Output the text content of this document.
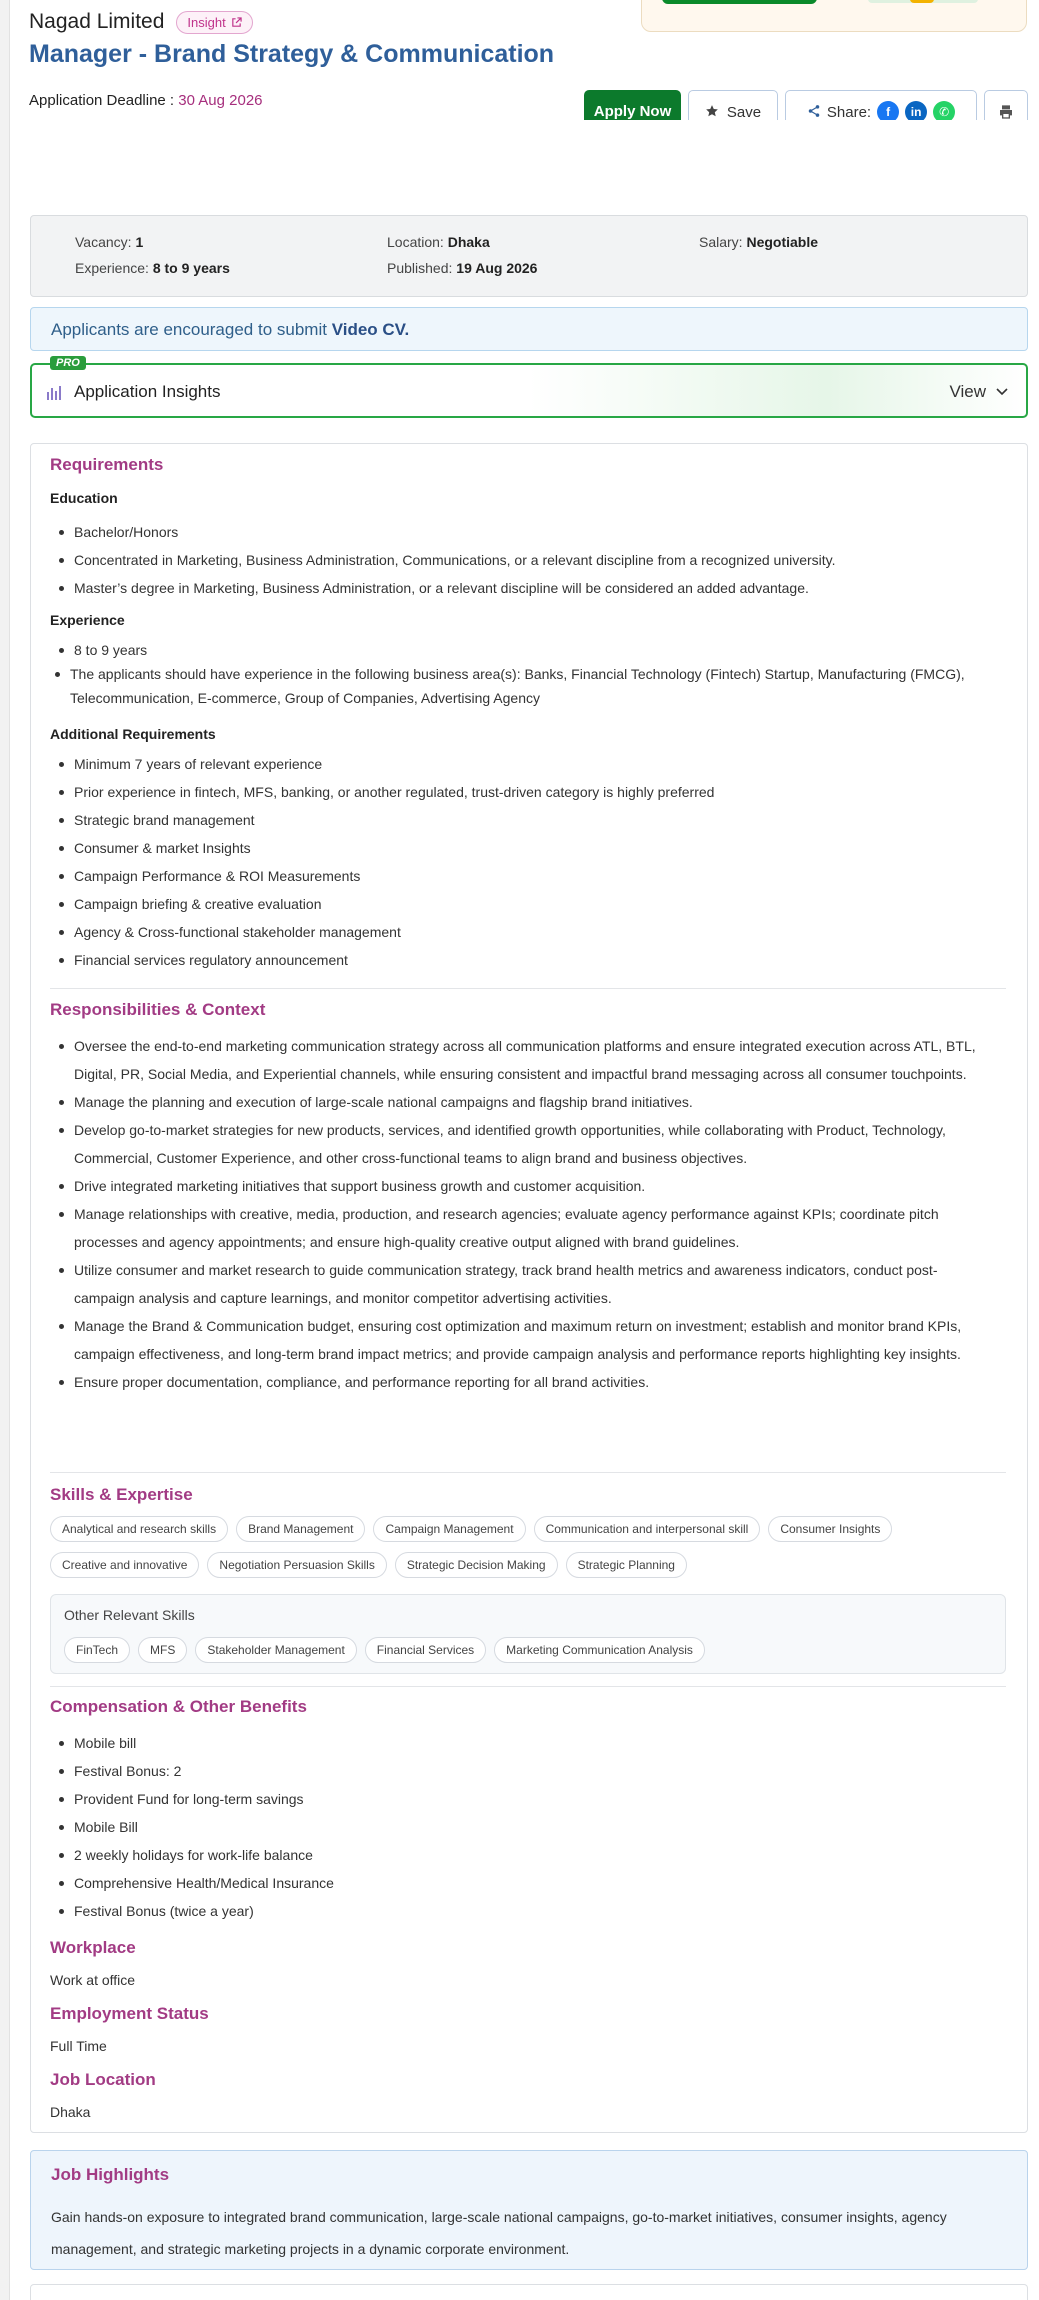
Nagad Limited Insight
Manager - Brand Strategy & Communication
Application Deadline : 30 Aug 2026
Apply Now	Save	Share:	f	in	✆
Vacancy: 1
Experience: 8 to 9 years
Location: Dhaka
Published: 19 Aug 2026
Salary: Negotiable
Applicants are encouraged to submit Video CV.
PRO
Application Insights	View
Requirements
Education
Bachelor/Honors
Concentrated in Marketing, Business Administration, Communications, or a relevant discipline from a recognized university.
Master’s degree in Marketing, Business Administration, or a relevant discipline will be considered an added advantage.
Experience
8 to 9 years
The applicants should have experience in the following business area(s): Banks, Financial Technology (Fintech) Startup, Manufacturing (FMCG), Telecommunication, E-commerce, Group of Companies, Advertising Agency
Additional Requirements
Minimum 7 years of relevant experience
Prior experience in fintech, MFS, banking, or another regulated, trust-driven category is highly preferred
Strategic brand management
Consumer & market Insights
Campaign Performance & ROI Measurements
Campaign briefing & creative evaluation
Agency & Cross-functional stakeholder management
Financial services regulatory announcement
Responsibilities & Context
Oversee the end-to-end marketing communication strategy across all communication platforms and ensure integrated execution across ATL, BTL, Digital, PR, Social Media, and Experiential channels, while ensuring consistent and impactful brand messaging across all consumer touchpoints.
Manage the planning and execution of large-scale national campaigns and flagship brand initiatives.
Develop go-to-market strategies for new products, services, and identified growth opportunities, while collaborating with Product, Technology, Commercial, Customer Experience, and other cross-functional teams to align brand and business objectives.
Drive integrated marketing initiatives that support business growth and customer acquisition.
Manage relationships with creative, media, production, and research agencies; evaluate agency performance against KPIs; coordinate pitch processes and agency appointments; and ensure high-quality creative output aligned with brand guidelines.
Utilize consumer and market research to guide communication strategy, track brand health metrics and awareness indicators, conduct post-campaign analysis and capture learnings, and monitor competitor advertising activities.
Manage the Brand & Communication budget, ensuring cost optimization and maximum return on investment; establish and monitor brand KPIs, campaign effectiveness, and long-term brand impact metrics; and provide campaign analysis and performance reports highlighting key insights.
Ensure proper documentation, compliance, and performance reporting for all brand activities.
Skills & Expertise
Analytical and research skills	Brand Management	Campaign Management	Communication and interpersonal skill	Consumer Insights
Creative and innovative	Negotiation Persuasion Skills	Strategic Decision Making	Strategic Planning
Other Relevant Skills
FinTech	MFS	Stakeholder Management	Financial Services	Marketing Communication Analysis
Compensation & Other Benefits
Mobile bill
Festival Bonus: 2
Provident Fund for long-term savings
Mobile Bill
2 weekly holidays for work-life balance
Comprehensive Health/Medical Insurance
Festival Bonus (twice a year)
Workplace
Work at office
Employment Status
Full Time
Job Location
Dhaka
Job Highlights

Gain hands-on exposure to integrated brand communication, large-scale national campaigns, go-to-market initiatives, consumer insights, agency management, and strategic marketing projects in a dynamic corporate environment.
